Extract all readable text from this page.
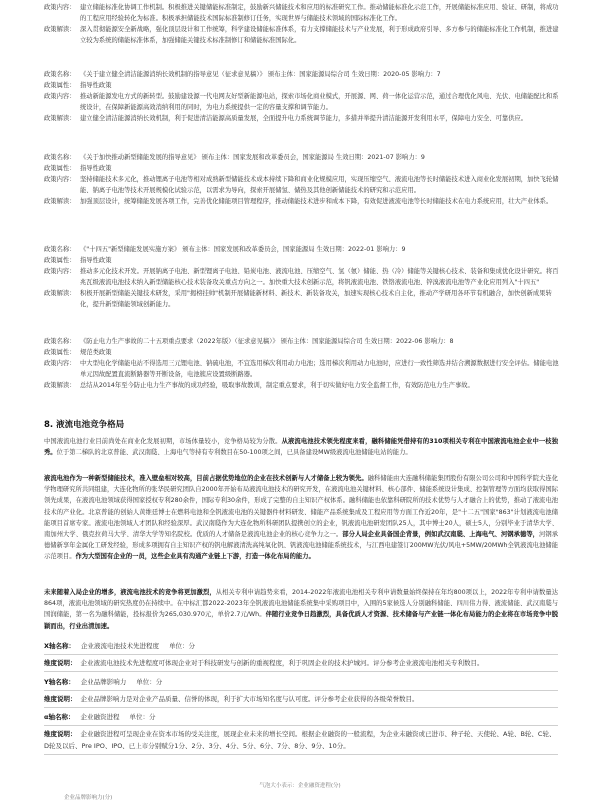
政策内容： 建立储能标准化协调工作机制。积极推进关键储能标准制定，鼓励新兴储能技术和应用的标准研究工作。推动储能标准化示范工作，开展储能标准应用、验证、研制，将成功的工程应用经验转化为标准。积极承担储能技术国际标准制修订任务，实现世界与储能技术领域的国际标准化工作。
政策解读： 深入贯彻能源安全新战略，强化顶层设计和工作统筹，科学建设储能标准体系，有力支撑储能技术与产业发展，利于形成政府引导、多方参与的储能标准化工作机制，推进建立较为系统的储能标准体系，加强储能关键技术标准制修订和储能标准国际化。
政策名称： 《关于建立健全清洁能源消纳长效机制的指导意见（征求意见稿）》 颁布主体：国家能源局综合司 生效日期：2020-05 影响力：7
政策属性： 指导性政策
政策内容： 推动新能源发电方式的新转型。鼓励建设源一代电网友好型新能源电站，探索市场化商业模式，开展源、网、荷一体化运营示范，通过合理优化风电、光伏、电储能配比和系统设计，在保障新能源高效消纳利用的同时，为电力系统提供一定的容量支撑和调节能力。
政策解读： 建立健全清洁能源消纳长效机制，利于促进清洁能源高质量发展，全面提升电力系统调节能力，多措并举提升清洁能源开发利用水平，保障电力安全、可靠供应。
政策名称： 《关于加快推动新型储能发展的指导意见》 颁布主体：国家发展和改革委员会，国家能源局 生效日期：2021-07 影响力：9
政策属性： 指导性政策
政策内容： 坚持储能技术多元化，推动锂离子电池等相对成熟新型储能技术成本持续下降和商业化规模应用，实现压缩空气、液流电池等长时储能技术进入商业化发展初期，加快飞轮储能、钠离子电池等技术开展规模化试验示范，以需求为导向，探索开展储氢、储热及其他创新储能技术的研究和示范应用。
政策解读： 加强顶层设计，统筹储能发展各项工作，完善优化储能项目管理程序，推动储能技术进步和成本下降，有效促进液流电池等长时储能技术在电力系统应用，壮大产业体系。
政策名称： 《"十四五"新型储能发展实施方案》 颁布主体：国家发展和改革委员会，国家能源局 生效日期：2022-01 影响力：9
政策属性： 指导性政策
政策内容： 推动多元化技术开发。开展钠离子电池、新型锂离子电池、铅炭电池、液流电池、压缩空气、氢（氨）储能、热（冷）储能等关键核心技术、装备和集成优化设计研究。将百兆瓦级液流电池技术纳入新型储能核心技术装备攻关重点方向之一。加快重大技术创新示范，将钒液流电池、铁铬液流电池、锌溴液流电池等产业化应用列入"十四五"
政策解读： 积极开展新型储能关键技术研发，采用"揭榜挂帅"机制开展储能新材料、新技术、新装备攻关，加速实现核心技术自主化，推动产学研用各环节有机融合，加快创新成果转化，提升新型储能领域创新能力。
政策名称： 《防止电力生产事故的二十五项重点要求（2022年版）（征求意见稿）》 颁布主体：国家能源局综合司 生效日期：2022-06 影响力：8
政策属性： 规范类政策
政策内容： 中大型电化学储能电站不得选用三元锂电池、钠硫电池，不宜选用梯次利用动力电池；选用梯次利用动力电池时，应进行一致性筛选并结合溯源数据进行安全评估。储能电池单元因故配置直流断路器等开断设备，电池簇应设置级断路器。
政策解读： 总结从2014年至今防止电力生产事故的成功经验，吸取事故教训，制定重点要求，利于切实做好电力安全监督工作，有效防范电力生产事故。
8. 液流电池竞争格局
中国液流电池行业目前尚处在商业化发展初期，市场体量较小，竞争格局较为分散。从液流电池技术领先程度来看，融科储能凭借持有的310项相关专利在中国液流电池企业中一枝独秀。位于第二梯队的北京普能、武汉南瓞、上海电气等持有专利数目在50-100项之间，已具备建设MW级液流电池储能电站的能力。
液流电池作为一种新型储能技术，准入壁垒相对较高，目前占据优势地位的企业在技术创新与人才储备上较为领先。融科储能由大连融科储能集团股份有限公司公司和中国科学院大连化学物理研究所共同组建，大连化物所的张华民研究团队自2000年开始布局液流电池技术的研究开发，在液流电池关键材料、核心部件、储能系统设计集成、控制管理等方面均获取得国际领先成果，在液流电池领域获得国家授权专利280余件，国际专利30余件，形成了完整的自主知识产权体系。融科储能也依靠科研院所的技术优势与人才融合上的优势，推动了液流电池技术的产业化。北京普能的创始人黄维廷博士在燃料电池和全钒液流电池的关键器件材料研发、储能产品系统集成及工程应用等方面工作近20年，是"十二五"国家"863"计划液流电池储能项目首席专家。液流电池领域人才团队和经验深厚。武汉南瓞作为大连化物所科研团队提携创立的企业，钒液流电池研发团队25人，其中博士20人，硕士5人，分别毕业于清华大学、南加州大学、俄克拉荷马大学、清华大学等知名院校。优质的人才储备是液流电池企业的核心竞争力之一。部分人局企业具备国企背景，例如武汉南瓞、上海电气、河钢承德等，河钢承德储新享年金属化工研发经验，形成多项拥有自主知识产权的钒电解液清洗高纯氧化钒、钒液流电池储能系统技术，与江西电建签订200MW光伏/风电+5MW/20MWh全钒液流电池储能示范项目。作为大型国有企业的一员，这些企业具有沟通产业链上下游，打造一体化布局的能力。
未来随着入局企业的增多，液流电池技术的竞争将更加激烈，从相关专利申请趋势来看，2014-2022年液流电池相关专利申请数量始终保持在年均800项以上，2022年专利申请数量达864项，液流电池领域的研究热度仍在持续中。在中标汇都2022-2023年全钒液流电池储能系统集中采购项目中，入围的5家候选人分别融科储能、四川伟力得、液流储能、武汉南瓞与国润储能，第一名为融科储能，投标报价为265,030.970元，单价2.7元/Wh。伴随行业竞争日趋激烈，具备优质人才资源、技术储备与产业链一体化布局能力的企业将在市场竞争中脱颖而出，行业出清加速。
X轴名称： 企业液流电池技术先进程度 单位：分
维度说明： 企业液流电池技术先进程度可体现企业对于科技研发与创新的重视程度，利于巩固企业的技术护城河。评分参考企业液流电池相关专利数目。
Y轴名称： 企业品牌影响力 单位：分
维度说明： 企业品牌影响力是对企业产品质量、信誉的体现，利于扩大市场知名度与认可度。评分参考企业获得的各级荣誉数目。
α轴名称： 企业融资进程 单位：分
维度说明： 企业融资进程可呈现企业在资本市场的受关注度，展现企业未来的增长空间。根据企业融资的一般流程，为企业未融资或已进市、种子轮、天使轮、A轮、B轮、C轮、D轮及以后、Pre IPO、IPO、已上市分别赋分1分、2分、3分、4分、5分、6分、7分、8分、9分、10分。
气泡大小表示：企业融资进程(分)
企业品牌影响力(分)
